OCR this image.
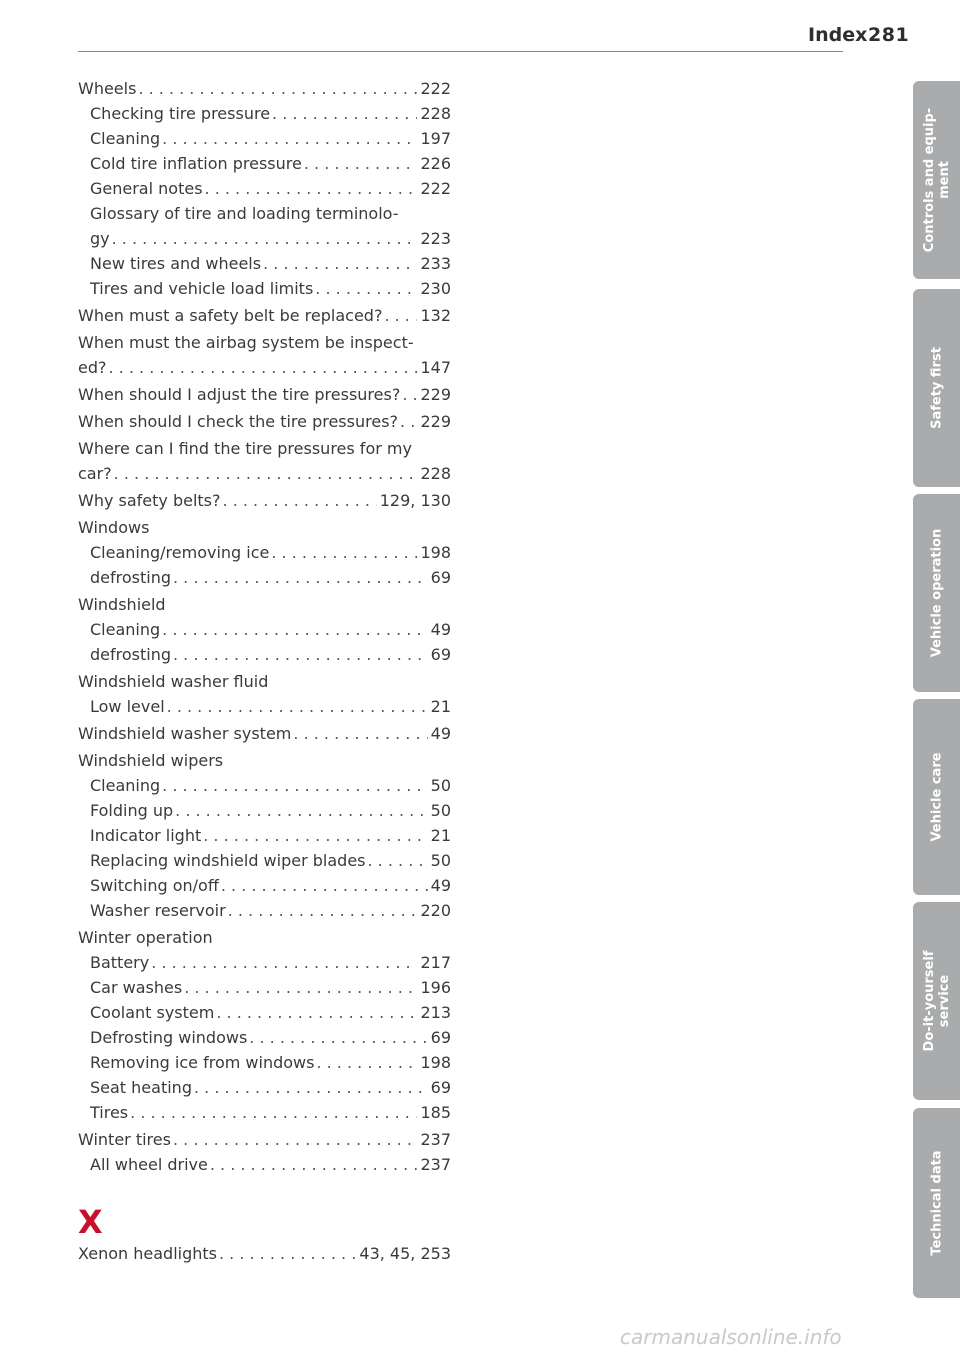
Index 281
Wheels . . .	222
Checking tire pressure . . .	228
Cleaning . . .	197
Cold tire inflation pressure . . .	226
General notes . . .	222
Glossary of tire and loading terminolo-
gy . . .	223
New tires and wheels . . .	233
Tires and vehicle load limits . . .	230
When must a safety belt be replaced? . . . 132
When must the airbag system be inspect-
ed? . . .	147
When should I adjust the tire pressures? . . . 229
When should I check the tire pressures? . . . 229
Where can I find the tire pressures for my
car? . . .	228
Why safety belts? . . .	129, 130
Windows
Cleaning/removing ice . . .	198
defrosting . . .	69
Windshield
Cleaning . . .	49
defrosting . . .	69
Windshield washer fluid
Low level . . .	21
Windshield washer system . . .	49
Windshield wipers
Cleaning . . .	50
Folding up . . .	50
Indicator light . . .	21
Replacing windshield wiper blades . . .	50
Switching on/off . . .	49
Washer reservoir . . .	220
Winter operation
Battery . . .	217
Car washes . . .	196
Coolant system . . .	213
Defrosting windows . . .	69
Removing ice from windows . . .	198
Seat heating . . .	69
Tires . . .	185
Winter tires . . .	237
All wheel drive . . .	237
X
Xenon headlights . . .	43, 45, 253
Controls and equip-
ment
Safety first
Vehicle operation
Vehicle care
Do-it-yourself
service
Technical data
carmanualsonline.info
